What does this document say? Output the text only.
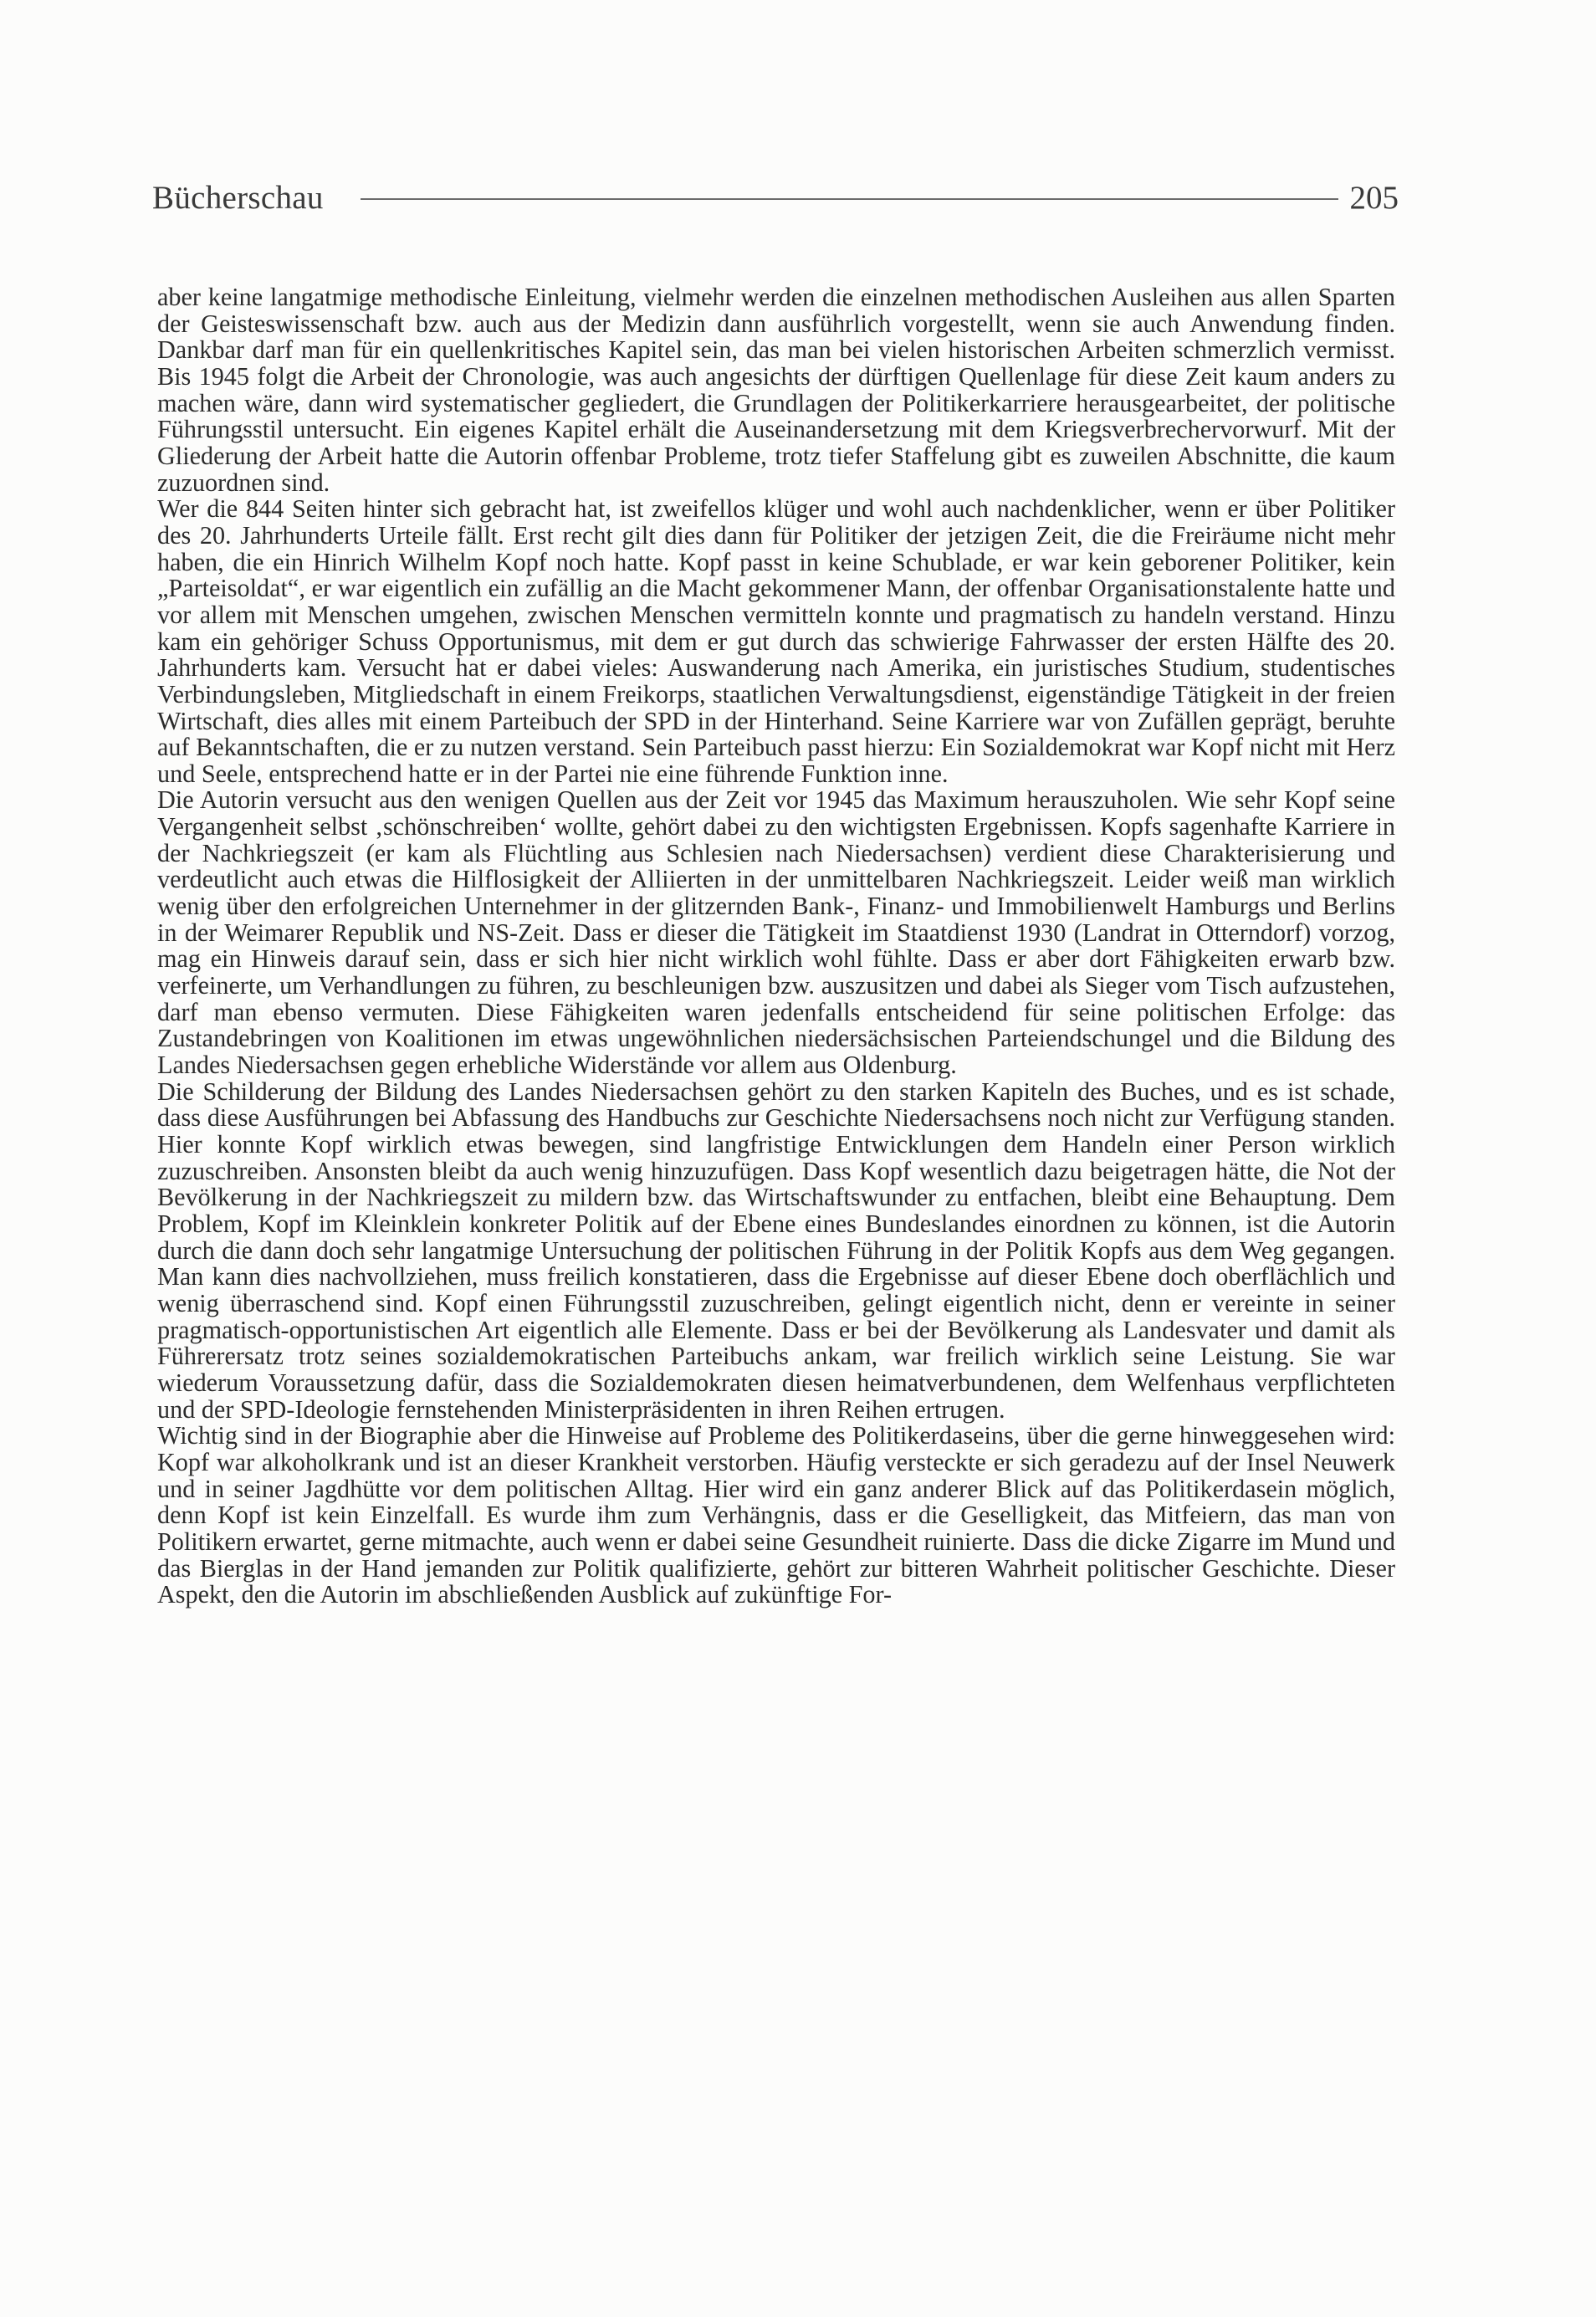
Bücherschau	205

aber keine langatmige methodische Einleitung, vielmehr werden die einzelnen methodischen Ausleihen aus allen Sparten der Geisteswissenschaft bzw. auch aus der Medizin dann ausführlich vorgestellt, wenn sie auch Anwendung finden. Dankbar darf man für ein quellenkritisches Kapitel sein, das man bei vielen historischen Arbeiten schmerzlich vermisst. Bis 1945 folgt die Arbeit der Chronologie, was auch angesichts der dürftigen Quellenlage für diese Zeit kaum anders zu machen wäre, dann wird systematischer gegliedert, die Grundlagen der Politikerkarriere herausgearbeitet, der politische Führungsstil untersucht. Ein eigenes Kapitel erhält die Auseinandersetzung mit dem Kriegsverbrechervorwurf. Mit der Gliederung der Arbeit hatte die Autorin offenbar Probleme, trotz tiefer Staffelung gibt es zuweilen Abschnitte, die kaum zuzuordnen sind.

Wer die 844 Seiten hinter sich gebracht hat, ist zweifellos klüger und wohl auch nachdenklicher, wenn er über Politiker des 20. Jahrhunderts Urteile fällt. Erst recht gilt dies dann für Politiker der jetzigen Zeit, die die Freiräume nicht mehr haben, die ein Hinrich Wilhelm Kopf noch hatte. Kopf passt in keine Schublade, er war kein geborener Politiker, kein „Parteisoldat“, er war eigentlich ein zufällig an die Macht gekommener Mann, der offenbar Organisationstalente hatte und vor allem mit Menschen umgehen, zwischen Menschen vermitteln konnte und pragmatisch zu handeln verstand. Hinzu kam ein gehöriger Schuss Opportunismus, mit dem er gut durch das schwierige Fahrwasser der ersten Hälfte des 20. Jahrhunderts kam. Versucht hat er dabei vieles: Auswanderung nach Amerika, ein juristisches Studium, studentisches Verbindungsleben, Mitgliedschaft in einem Freikorps, staatlichen Verwaltungsdienst, eigenständige Tätigkeit in der freien Wirtschaft, dies alles mit einem Parteibuch der SPD in der Hinterhand. Seine Karriere war von Zufällen geprägt, beruhte auf Bekanntschaften, die er zu nutzen verstand. Sein Parteibuch passt hierzu: Ein Sozialdemokrat war Kopf nicht mit Herz und Seele, entsprechend hatte er in der Partei nie eine führende Funktion inne.

Die Autorin versucht aus den wenigen Quellen aus der Zeit vor 1945 das Maximum herauszuholen. Wie sehr Kopf seine Vergangenheit selbst ‚schönschreiben‘ wollte, gehört dabei zu den wichtigsten Ergebnissen. Kopfs sagenhafte Karriere in der Nachkriegszeit (er kam als Flüchtling aus Schlesien nach Niedersachsen) verdient diese Charakterisierung und verdeutlicht auch etwas die Hilflosigkeit der Alliierten in der unmittelbaren Nachkriegszeit. Leider weiß man wirklich wenig über den erfolgreichen Unternehmer in der glitzernden Bank-, Finanz- und Immobilienwelt Hamburgs und Berlins in der Weimarer Republik und NS-Zeit. Dass er dieser die Tätigkeit im Staatdienst 1930 (Landrat in Otterndorf) vorzog, mag ein Hinweis darauf sein, dass er sich hier nicht wirklich wohl fühlte. Dass er aber dort Fähigkeiten erwarb bzw. verfeinerte, um Verhandlungen zu führen, zu beschleunigen bzw. auszusitzen und dabei als Sieger vom Tisch aufzustehen, darf man ebenso vermuten. Diese Fähigkeiten waren jedenfalls entscheidend für seine politischen Erfolge: das Zustandebringen von Koalitionen im etwas ungewöhnlichen niedersächsischen Parteiendschungel und die Bildung des Landes Niedersachsen gegen erhebliche Widerstände vor allem aus Oldenburg.

Die Schilderung der Bildung des Landes Niedersachsen gehört zu den starken Kapiteln des Buches, und es ist schade, dass diese Ausführungen bei Abfassung des Handbuchs zur Geschichte Niedersachsens noch nicht zur Verfügung standen. Hier konnte Kopf wirklich etwas bewegen, sind langfristige Entwicklungen dem Handeln einer Person wirklich zuzuschreiben. Ansonsten bleibt da auch wenig hinzuzufügen. Dass Kopf wesentlich dazu beigetragen hätte, die Not der Bevölkerung in der Nachkriegszeit zu mildern bzw. das Wirtschaftswunder zu entfachen, bleibt eine Behauptung. Dem Problem, Kopf im Kleinklein konkreter Politik auf der Ebene eines Bundeslandes einordnen zu können, ist die Autorin durch die dann doch sehr langatmige Untersuchung der politischen Führung in der Politik Kopfs aus dem Weg gegangen. Man kann dies nachvollziehen, muss freilich konstatieren, dass die Ergebnisse auf dieser Ebene doch oberflächlich und wenig überraschend sind. Kopf einen Führungsstil zuzuschreiben, gelingt eigentlich nicht, denn er vereinte in seiner pragmatisch-opportunistischen Art eigentlich alle Elemente. Dass er bei der Bevölkerung als Landesvater und damit als Führerersatz trotz seines sozialdemokratischen Parteibuchs ankam, war freilich wirklich seine Leistung. Sie war wiederum Voraussetzung dafür, dass die Sozialdemokraten diesen heimatverbundenen, dem Welfenhaus verpflichteten und der SPD-Ideologie fernstehenden Ministerpräsidenten in ihren Reihen ertrugen.

Wichtig sind in der Biographie aber die Hinweise auf Probleme des Politikerdaseins, über die gerne hinweggesehen wird: Kopf war alkoholkrank und ist an dieser Krankheit verstorben. Häufig versteckte er sich geradezu auf der Insel Neuwerk und in seiner Jagdhütte vor dem politischen Alltag. Hier wird ein ganz anderer Blick auf das Politikerdasein möglich, denn Kopf ist kein Einzelfall. Es wurde ihm zum Verhängnis, dass er die Geselligkeit, das Mitfeiern, das man von Politikern erwartet, gerne mitmachte, auch wenn er dabei seine Gesundheit ruinierte. Dass die dicke Zigarre im Mund und das Bierglas in der Hand jemanden zur Politik qualifizierte, gehört zur bitteren Wahrheit politischer Geschichte. Dieser Aspekt, den die Autorin im abschließenden Ausblick auf zukünftige For-
